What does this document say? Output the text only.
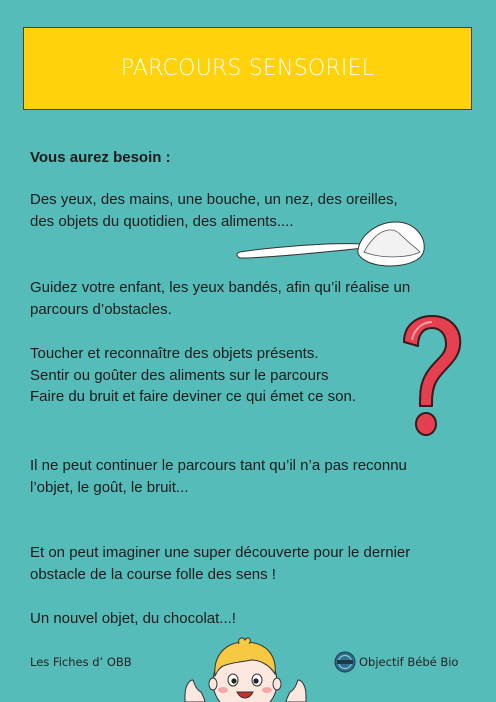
PARCOURS SENSORIEL
Vous aurez besoin :
Des yeux, des mains, une bouche, un nez, des oreilles,
des objets du quotidien, des aliments....
Guidez votre enfant, les yeux bandés, afin qu’il réalise un
parcours d’obstacles.
Toucher et reconnaître des objets présents.
Sentir ou goûter des aliments sur le parcours
Faire du bruit et faire deviner ce qui émet ce son.
Il ne peut continuer le parcours tant qu’il n’a pas reconnu
l’objet, le goût, le bruit...
Et on peut imaginer une super découverte pour le dernier
obstacle de la course folle des sens !
Un nouvel objet, du chocolat...!
Les Fiches d’ OBB	Objectif Bébé Bio
